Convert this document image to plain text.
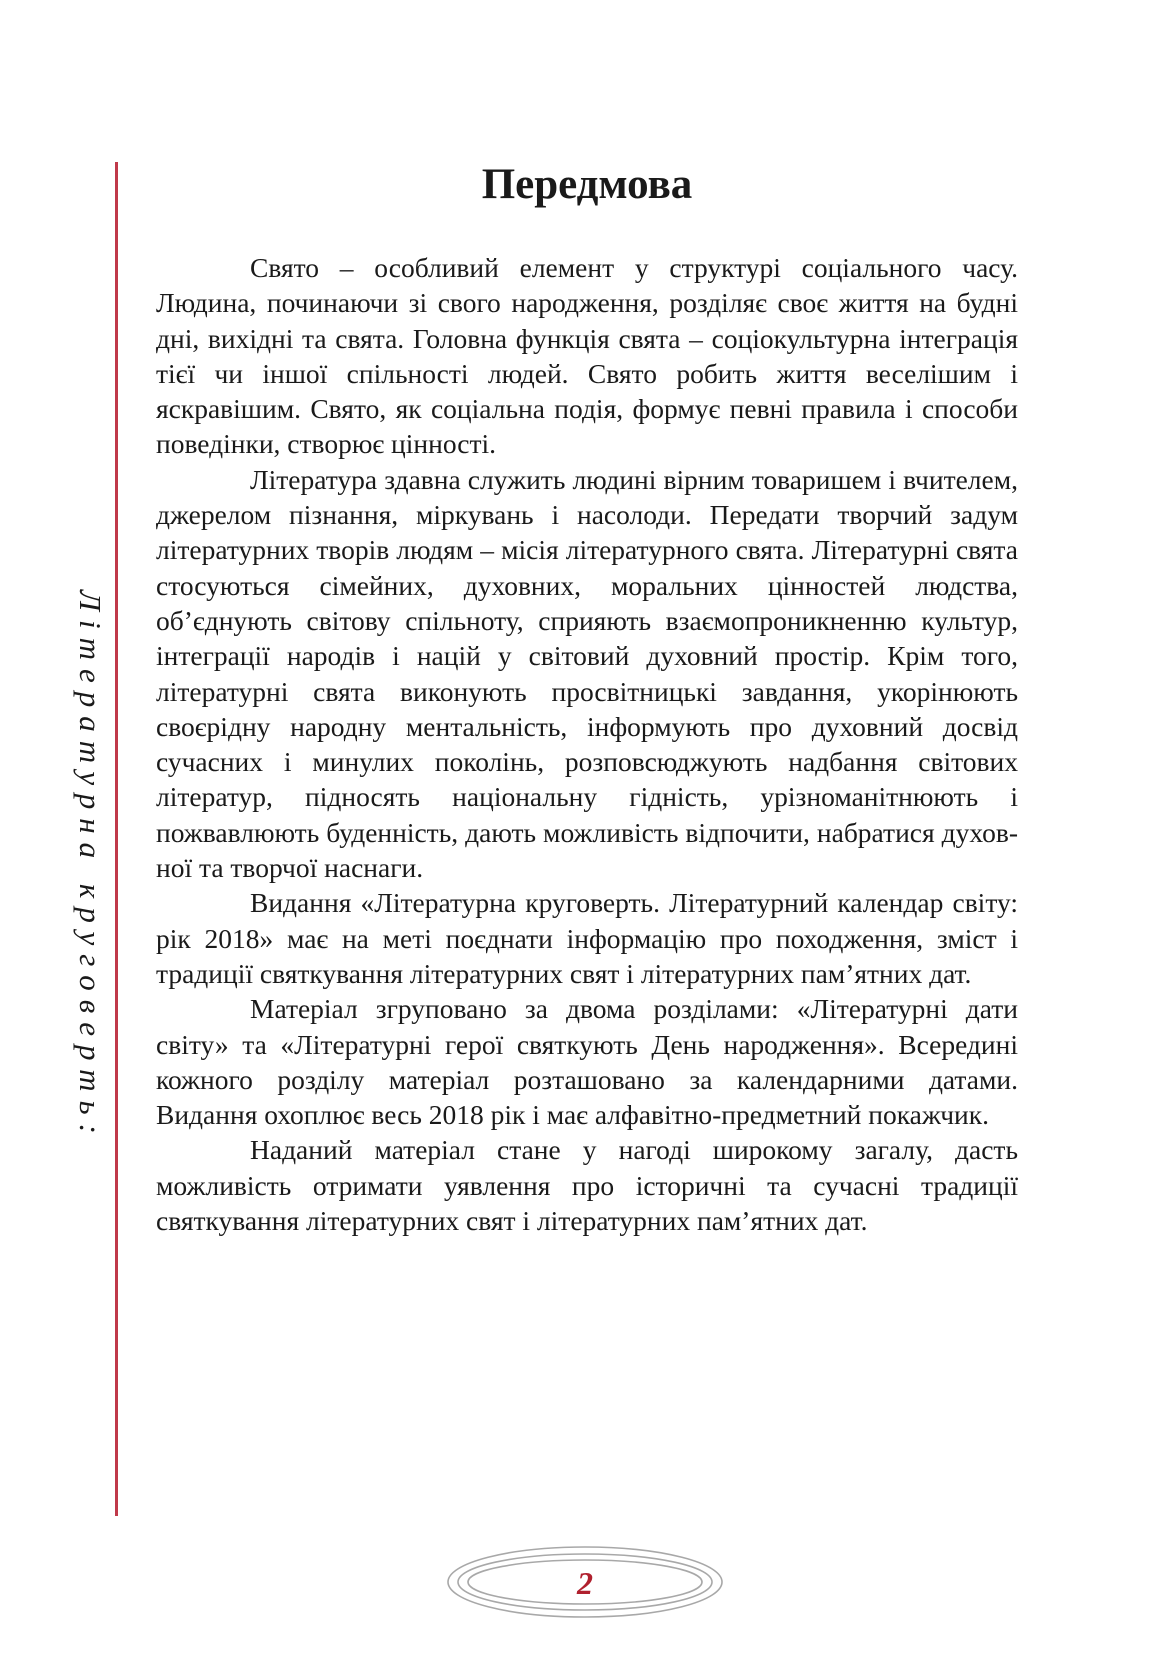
Літературна круговерть:
Передмова

Свято – особливий елемент у структурі соціального часу. Людина, починаючи зі свого народження, розділяє своє життя на будні дні, вихідні та свята. Головна функція свята – соціокультурна інтеграція тієї чи іншої спільності людей. Свято робить життя веселішим і яскравішим. Свято, як соціальна подія, формує певні правила і способи поведінки, створює цінності.

Література здавна служить людині вірним товаришем і вчителем, джерелом пізнання, міркувань і насолоди. Передати творчий задум літературних творів людям – місія літературного свята. Літературні свята стосуються сімейних, духовних, моральних цінностей людства, об’єднують світову спільноту, сприяють взаємопроникненню культур, інтеграції народів і націй у світовий духовний простір. Крім того, літературні свята виконують просвітницькі завдання, укорінюють своєрідну народну ментальність, інформують про духовний досвід сучасних і минулих поколінь, розповсюджують надбання світових літератур, підносять національну гідність, урізноманітнюють і пожвавлюють буденність, дають можливість відпочити, набратися духовної та творчої наснаги.

Видання «Літературна круговерть. Літературний календар світу: рік 2018» має на меті поєднати інформацію про походження, зміст і традиції святкування літературних свят і літературних пам’ятних дат.

Матеріал згруповано за двома розділами: «Літературні дати світу» та «Літературні герої святкують День народження». Всередині кожного розділу матеріал розташовано за календарними датами. Видання охоплює весь 2018 рік і має алфавітно-предметний покажчик.

Наданий матеріал стане у нагоді широкому загалу, дасть можливість отримати уявлення про історичні та сучасні традиції святкування літературних свят і літературних пам’ятних дат.

2
